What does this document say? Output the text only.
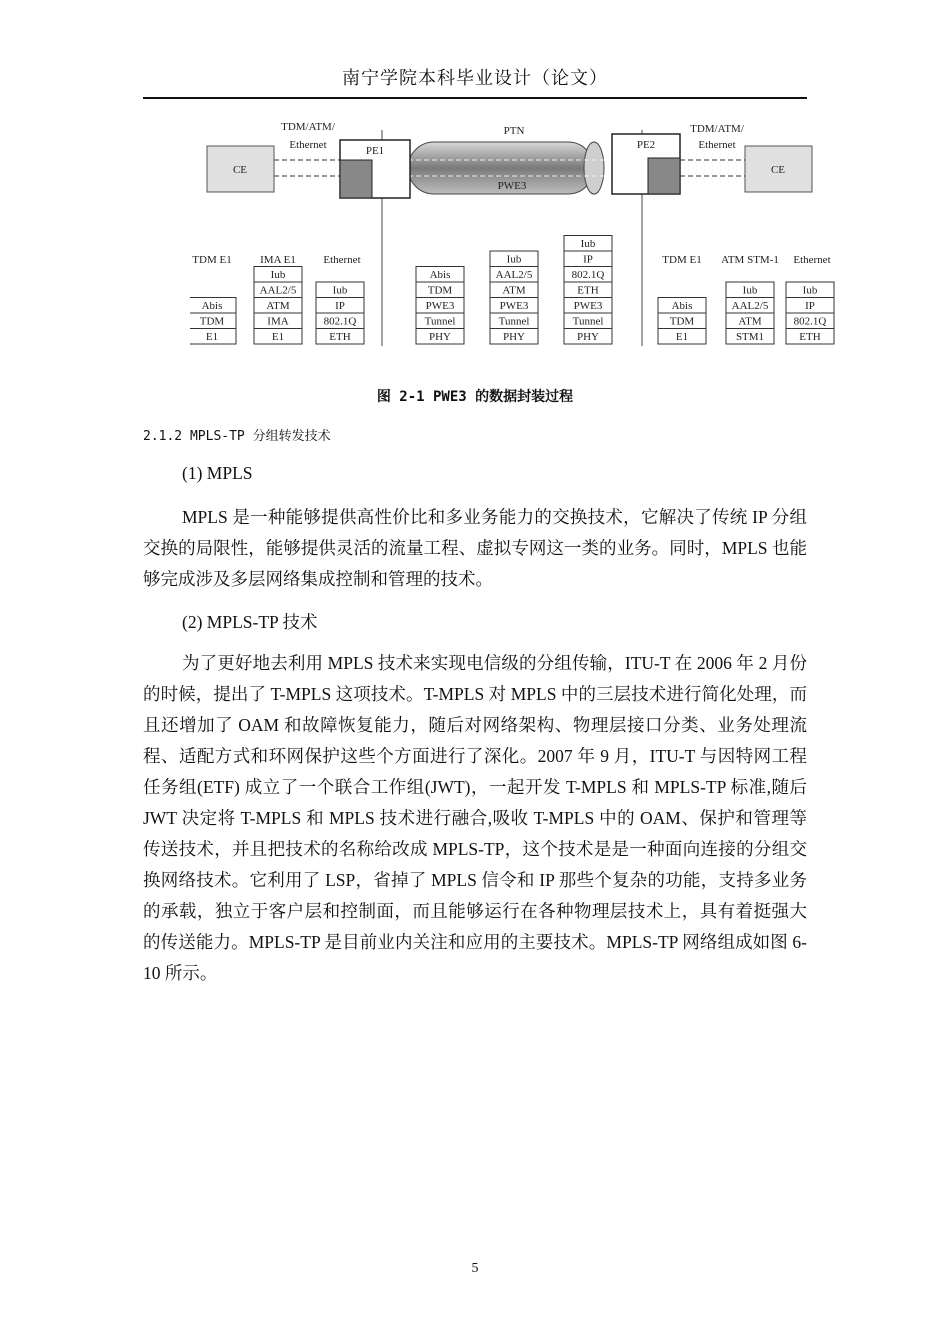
南宁学院本科毕业设计（论文）
CE	CE
TDM/ATM/
Ethernet
TDM/ATM/
Ethernet
PTN
PWE3
PE1	PE2
Abis
TDM
E1
Iub
AAL2/5
ATM
IMA
E1
Iub
IP
802.1Q
ETH
Abis
TDM
PWE3
Tunnel
PHY
Iub
AAL2/5
ATM
PWE3
Tunnel
PHY
Iub
IP
802.1Q
ETH
PWE3
Tunnel
PHY
Abis
TDM
E1
Iub
AAL2/5
ATM
STM1
Iub
IP
802.1Q
ETH
TDM E1	IMA E1 Ethernet	TDM E1 ATM STM-1 Ethernet
图 2-1 PWE3 的数据封装过程
2.1.2 MPLS-TP 分组转发技术
(1) MPLS

MPLS 是一种能够提供高性价比和多业务能力的交换技术，它解决了传统 IP 分组交换的局限性，能够提供灵活的流量工程、虚拟专网这一类的业务。同时，MPLS 也能够完成涉及多层网络集成控制和管理的技术。

(2) MPLS-TP 技术

为了更好地去利用 MPLS 技术来实现电信级的分组传输，ITU-T 在 2006 年 2 月份的时候，提出了 T-MPLS 这项技术。T-MPLS 对 MPLS 中的三层技术进行简化处理，而且还增加了 OAM 和故障恢复能力，随后对网络架构、物理层接口分类、业务处理流程、适配方式和环网保护这些个方面进行了深化。2007 年 9 月，ITU-T 与因特网工程任务组(ETF) 成立了一个联合工作组(JWT)，一起开发 T-MPLS 和 MPLS-TP 标准,随后 JWT 决定将 T-MPLS 和 MPLS 技术进行融合,吸收 T-MPLS 中的 OAM、保护和管理等传送技术，并且把技术的名称给改成 MPLS-TP，这个技术是是一种面向连接的分组交换网络技术。它利用了 LSP，省掉了 MPLS 信令和 IP 那些个复杂的功能，支持多业务的承载，独立于客户层和控制面，而且能够运行在各种物理层技术上，具有着挺强大的传送能力。MPLS-TP 是目前业内关注和应用的主要技术。MPLS-TP 网络组成如图 6-10 所示。

5
